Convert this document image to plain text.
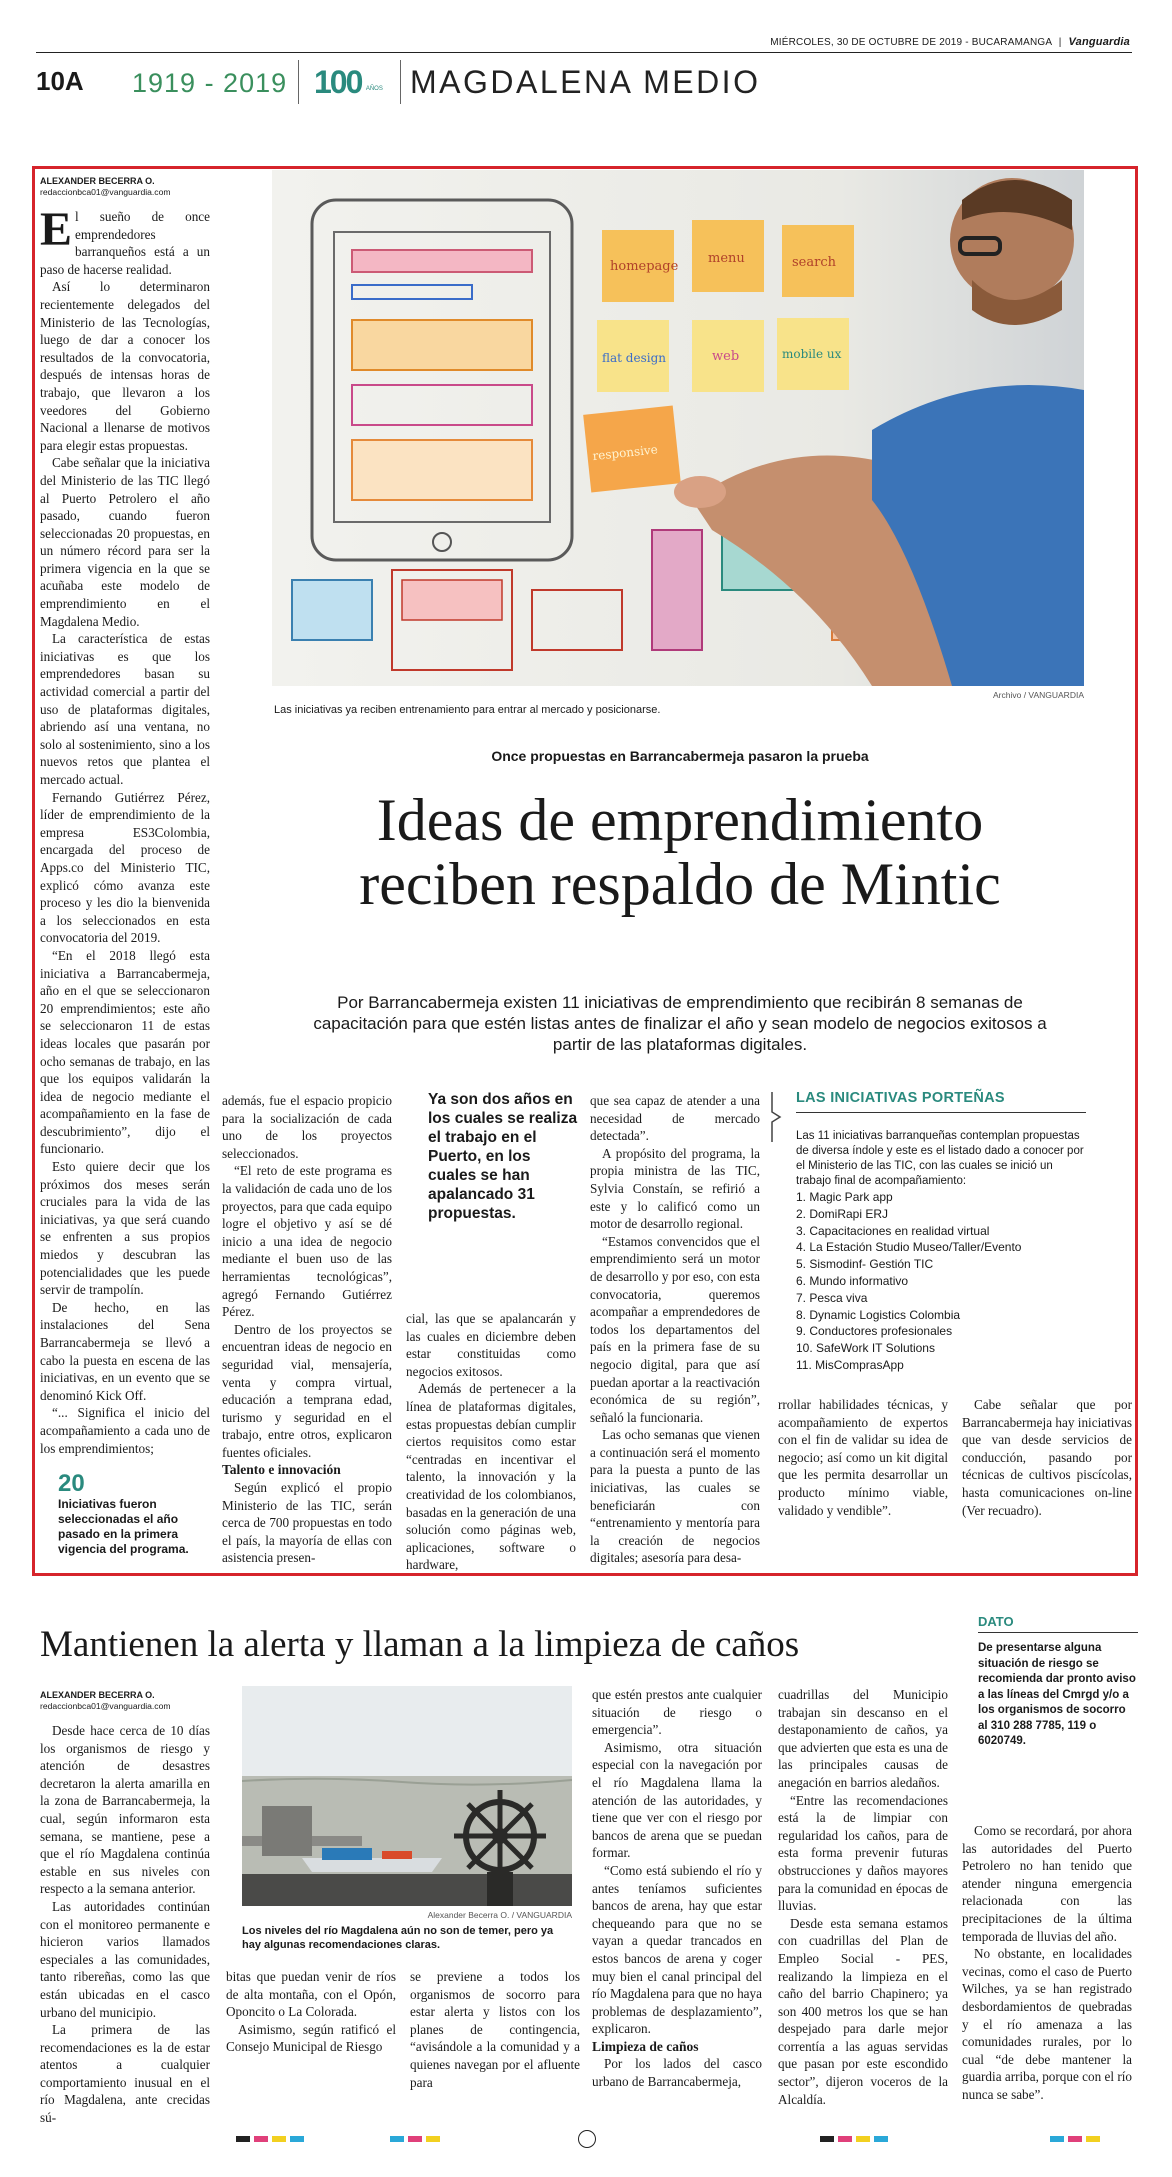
MIÉRCOLES, 30 DE OCTUBRE DE 2019 - BUCARAMANGA | Vanguardia
10A 1919 - 2019 100 AÑOS MAGDALENA MEDIO
ALEXANDER BECERRA O.
redaccionbca01@vanguardia.com
E l sueño de once emprendedores barranqueños está a un paso de hacerse realidad.

Así lo determinaron recientemente delegados del Ministerio de las Tecnologías, luego de dar a conocer los resultados de la convocatoria, después de intensas horas de trabajo, que llevaron a los veedores del Gobierno Nacional a llenarse de motivos para elegir estas propuestas.

Cabe señalar que la iniciativa del Ministerio de las TIC llegó al Puerto Petrolero el año pasado, cuando fueron seleccionadas 20 propuestas, en un número récord para ser la primera vigencia en la que se acuñaba este modelo de emprendimiento en el Magdalena Medio.

La característica de estas iniciativas es que los emprendedores basan su actividad comercial a partir del uso de plataformas digitales, abriendo así una ventana, no solo al sostenimiento, sino a los nuevos retos que plantea el mercado actual.

Fernando Gutiérrez Pérez, líder de emprendimiento de la empresa ES3Colombia, encargada del proceso de Apps.co del Ministerio TIC, explicó cómo avanza este proceso y les dio la bienvenida a los seleccionados en esta convocatoria del 2019.

“En el 2018 llegó esta iniciativa a Barrancabermeja, año en el que se seleccionaron 20 emprendimientos; este año se seleccionaron 11 de estas ideas locales que pasarán por ocho semanas de trabajo, en las que los equipos validarán la idea de negocio mediante el acompañamiento en la fase de descubrimiento”, dijo el funcionario.

Esto quiere decir que los próximos dos meses serán cruciales para la vida de las iniciativas, ya que será cuando se enfrenten a sus propios miedos y descubran las potencialidades que les puede servir de trampolín.

De hecho, en las instalaciones del Sena Barrancabermeja se llevó a cabo la puesta en escena de las iniciativas, en un evento que se denominó Kick Off.

“... Significa el inicio del acompañamiento a cada uno de los emprendimientos;

20
Iniciativas fueron seleccionadas el año pasado en la primera vigencia del programa.
homepage
menu	search
flat design	web	mobile ux
responsive
Archivo / VANGUARDIA
Las iniciativas ya reciben entrenamiento para entrar al mercado y posicionarse.
Once propuestas en Barrancabermeja pasaron la prueba
Ideas de emprendimiento
reciben respaldo de Mintic
Por Barrancabermeja existen 11 iniciativas de emprendimiento que recibirán 8 semanas de capacitación para que estén listas antes de finalizar el año y sean modelo de negocios exitosos a partir de las plataformas digitales.

además, fue el espacio propicio para la socialización de cada uno de los proyectos seleccionados.

“El reto de este programa es la validación de cada uno de los proyectos, para que cada equipo logre el objetivo y así se dé inicio a una idea de negocio mediante el buen uso de las herramientas tecnológicas”, agregó Fernando Gutiérrez Pérez.

Dentro de los proyectos se encuentran ideas de negocio en seguridad vial, mensajería, venta y compra virtual, educación a temprana edad, turismo y seguridad en el trabajo, entre otros, explicaron fuentes oficiales.

Talento e innovación

Según explicó el propio Ministerio de las TIC, serán cerca de 700 propuestas en todo el país, la mayoría de ellas con asistencia presen-

Ya son dos años en los cuales se realiza el trabajo en el Puerto, en los cuales se han apalancado 31 propuestas.

cial, las que se apalancarán y las cuales en diciembre deben estar constituidas como negocios exitosos.

Además de pertenecer a la línea de plataformas digitales, estas propuestas debían cumplir ciertos requisitos como estar “centradas en incentivar el talento, la innovación y la creatividad de los colombianos, basadas en la generación de una solución como páginas web, aplicaciones, software o hardware,

que sea capaz de atender a una necesidad de mercado detectada”.

A propósito del programa, la propia ministra de las TIC, Sylvia Constaín, se refirió a este y lo calificó como un motor de desarrollo regional.

“Estamos convencidos que el emprendimiento será un motor de desarrollo y por eso, con esta convocatoria, queremos acompañar a emprendedores de todos los departamentos del país en la primera fase de su negocio digital, para que así puedan aportar a la reactivación económica de su región”, señaló la funcionaria.

Las ocho semanas que vienen a continuación será el momento para la puesta a punto de las iniciativas, las cuales se beneficiarán con “entrenamiento y mentoría para la creación de negocios digitales; asesoría para desa-

LAS INICIATIVAS PORTEÑAS
Las 11 iniciativas barranqueñas contemplan propuestas de diversa índole y este es el listado dado a conocer por el Ministerio de las TIC, con las cuales se inició un trabajo final de acompañamiento:
1. Magic Park app
2. DomiRapi ERJ
3. Capacitaciones en realidad virtual
4. La Estación Studio Museo/Taller/Evento
5. Sismodinf- Gestión TIC
6. Mundo informativo
7. Pesca viva
8. Dynamic Logistics Colombia
9. Conductores profesionales
10. SafeWork IT Solutions
11. MisComprasApp

rrollar habilidades técnicas, y acompañamiento de expertos con el fin de validar su idea de negocio; así como un kit digital que les permita desarrollar un producto mínimo viable, validado y vendible”.

Cabe señalar que por Barrancabermeja hay iniciativas que van desde servicios de conducción, pasando por técnicas de cultivos piscícolas, hasta comunicaciones on-line (Ver recuadro).

Mantienen la alerta y llaman a la limpieza de caños
ALEXANDER BECERRA O.
redaccionbca01@vanguardia.com

Desde hace cerca de 10 días los organismos de riesgo y atención de desastres decretaron la alerta amarilla en la zona de Barrancabermeja, la cual, según informaron esta semana, se mantiene, pese a que el río Magdalena continúa estable en sus niveles con respecto a la semana anterior.

Las autoridades continúan con el monitoreo permanente e hicieron varios llamados especiales a las comunidades, tanto ribereñas, como las que están ubicadas en el casco urbano del municipio.

La primera de las recomendaciones es la de estar atentos a cualquier comportamiento inusual en el río Magdalena, ante crecidas sú-

Alexander Becerra O. / VANGUARDIA
Los niveles del río Magdalena aún no son de temer, pero ya hay algunas recomendaciones claras.

bitas que puedan venir de ríos de alta montaña, con el Opón, Oponcito o La Colorada.

Asimismo, según ratificó el Consejo Municipal de Riesgo

se previene a todos los organismos de socorro para estar alerta y listos con los planes de contingencia, “avisándole a la comunidad y a quienes navegan por el afluente para

que estén prestos ante cualquier situación de riesgo o emergencia”.

Asimismo, otra situación especial con la navegación por el río Magdalena llama la atención de las autoridades, y tiene que ver con el riesgo por bancos de arena que se puedan formar.

“Como está subiendo el río y antes teníamos suficientes bancos de arena, hay que estar chequeando para que no se vayan a quedar trancados en estos bancos de arena y coger muy bien el canal principal del río Magdalena para que no haya problemas de desplazamiento”, explicaron.

Limpieza de caños

Por los lados del casco urbano de Barrancabermeja,

cuadrillas del Municipio trabajan sin descanso en el destaponamiento de caños, ya que advierten que esta es una de las principales causas de anegación en barrios aledaños.

“Entre las recomendaciones está la de limpiar con regularidad los caños, para de esta forma prevenir futuras obstrucciones y daños mayores para la comunidad en épocas de lluvias.

Desde esta semana estamos con cuadrillas del Plan de Empleo Social - PES, realizando la limpieza en el caño del barrio Chapinero; ya son 400 metros los que se han despejado para darle mejor correntía a las aguas servidas que pasan por este escondido sector”, dijeron voceros de la Alcaldía.

DATO
De presentarse alguna situación de riesgo se recomienda dar pronto aviso a las líneas del Cmrgd y/o a los organismos de socorro al 310 288 7785, 119 o 6020749.

Como se recordará, por ahora las autoridades del Puerto Petrolero no han tenido que atender ninguna emergencia relacionada con las precipitaciones de la última temporada de lluvias del año.

No obstante, en localidades vecinas, como el caso de Puerto Wilches, ya se han registrado desbordamientos de quebradas y el río amenaza a las comunidades rurales, por lo cual “de debe mantener la guardia arriba, porque con el río nunca se sabe”.
